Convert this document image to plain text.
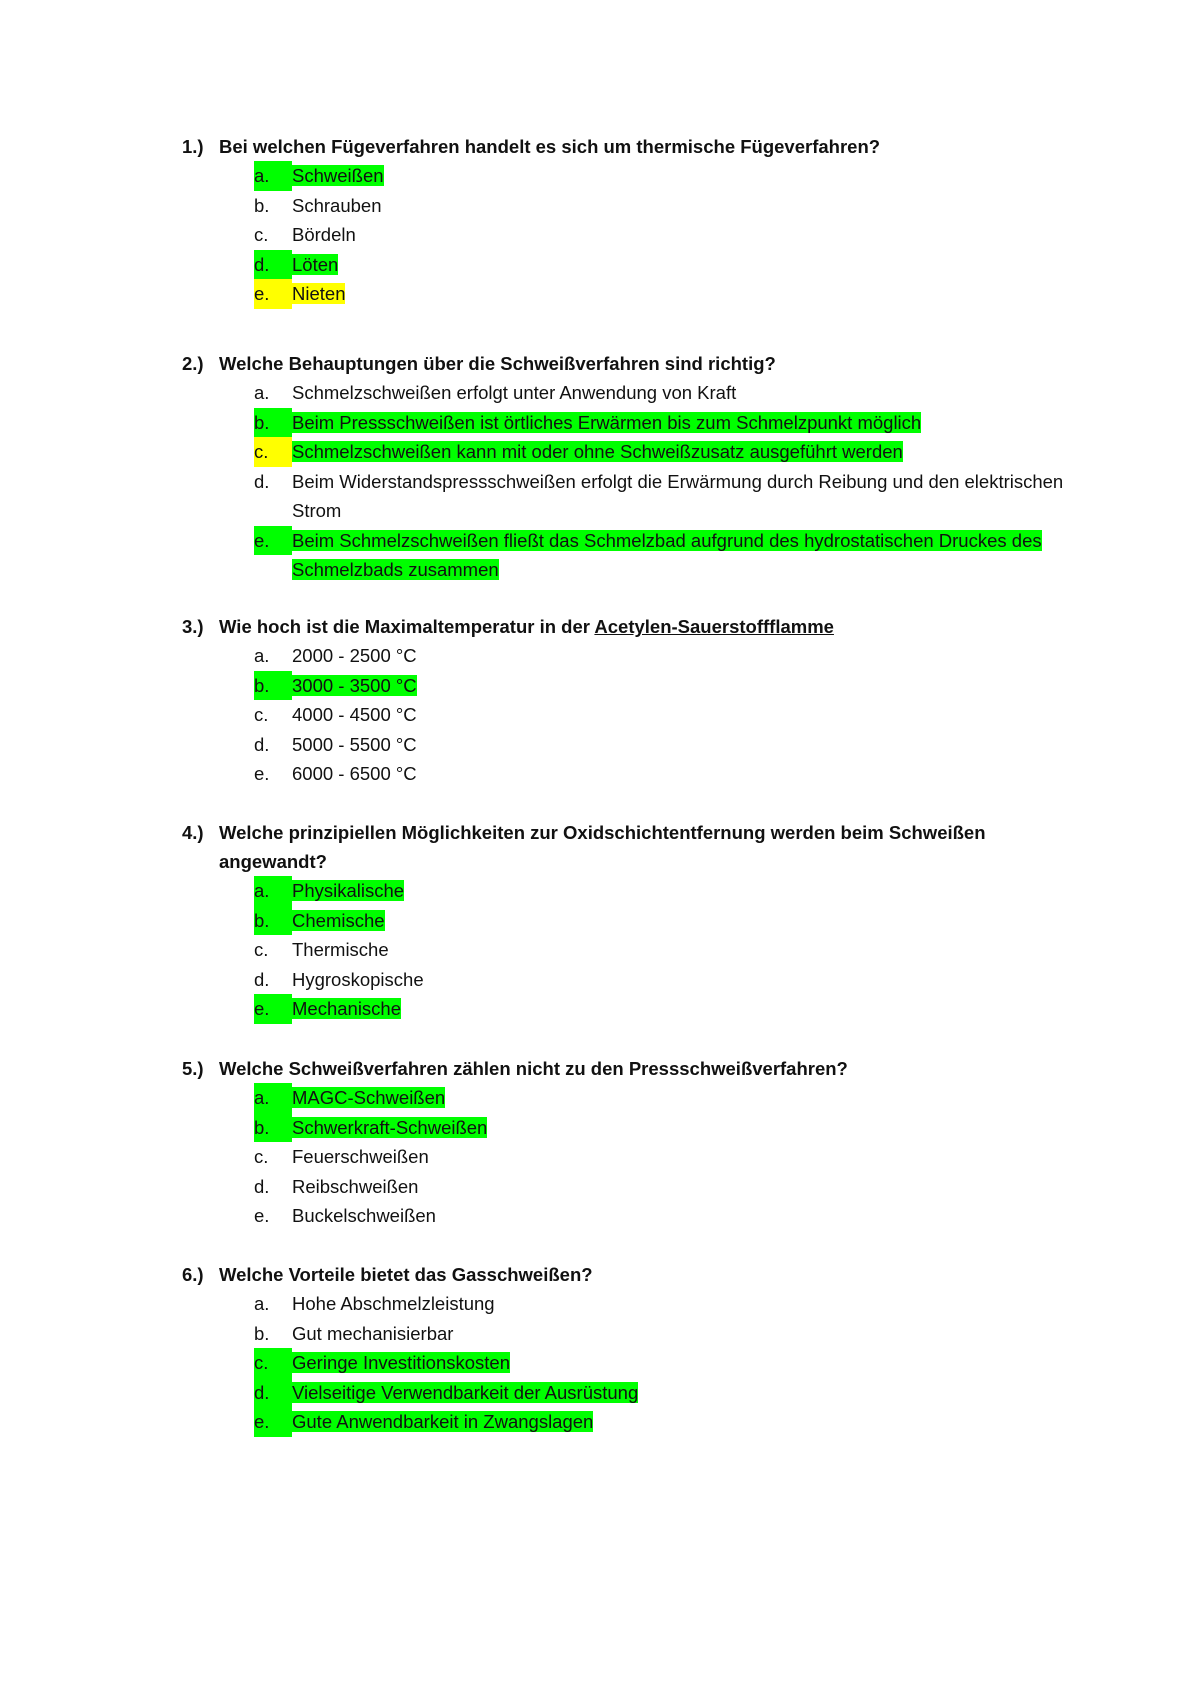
1.) Bei welchen Fügeverfahren handelt es sich um thermische Fügeverfahren?
a.	Schweißen
b.	Schrauben
c.	Bördeln
d.	Löten
e.	Nieten
2.) Welche Behauptungen über die Schweißverfahren sind richtig?
a.	Schmelzschweißen erfolgt unter Anwendung von Kraft
b.	Beim Pressschweißen ist örtliches Erwärmen bis zum Schmelzpunkt möglich
c.	Schmelzschweißen kann mit oder ohne Schweißzusatz ausgeführt werden
d.	Beim Widerstandspressschweißen erfolgt die Erwärmung durch Reibung und den elektrischen Strom
e.	Beim Schmelzschweißen fließt das Schmelzbad aufgrund des hydrostatischen Druckes des Schmelzbads zusammen
3.) Wie hoch ist die Maximaltemperatur in der Acetylen-Sauerstoffflamme
a.	2000 - 2500 °C
b.	3000 - 3500 °C
c.	4000 - 4500 °C
d.	5000 - 5500 °C
e.	6000 - 6500 °C
4.) Welche prinzipiellen Möglichkeiten zur Oxidschichtentfernung werden beim Schweißen angewandt?
a.	Physikalische
b.	Chemische
c.	Thermische
d.	Hygroskopische
e.	Mechanische
5.) Welche Schweißverfahren zählen nicht zu den Pressschweißverfahren?
a.	MAGC-Schweißen
b.	Schwerkraft-Schweißen
c.	Feuerschweißen
d.	Reibschweißen
e.	Buckelschweißen
6.) Welche Vorteile bietet das Gasschweißen?
a.	Hohe Abschmelzleistung
b.	Gut mechanisierbar
c.	Geringe Investitionskosten
d.	Vielseitige Verwendbarkeit der Ausrüstung
e.	Gute Anwendbarkeit in Zwangslagen
